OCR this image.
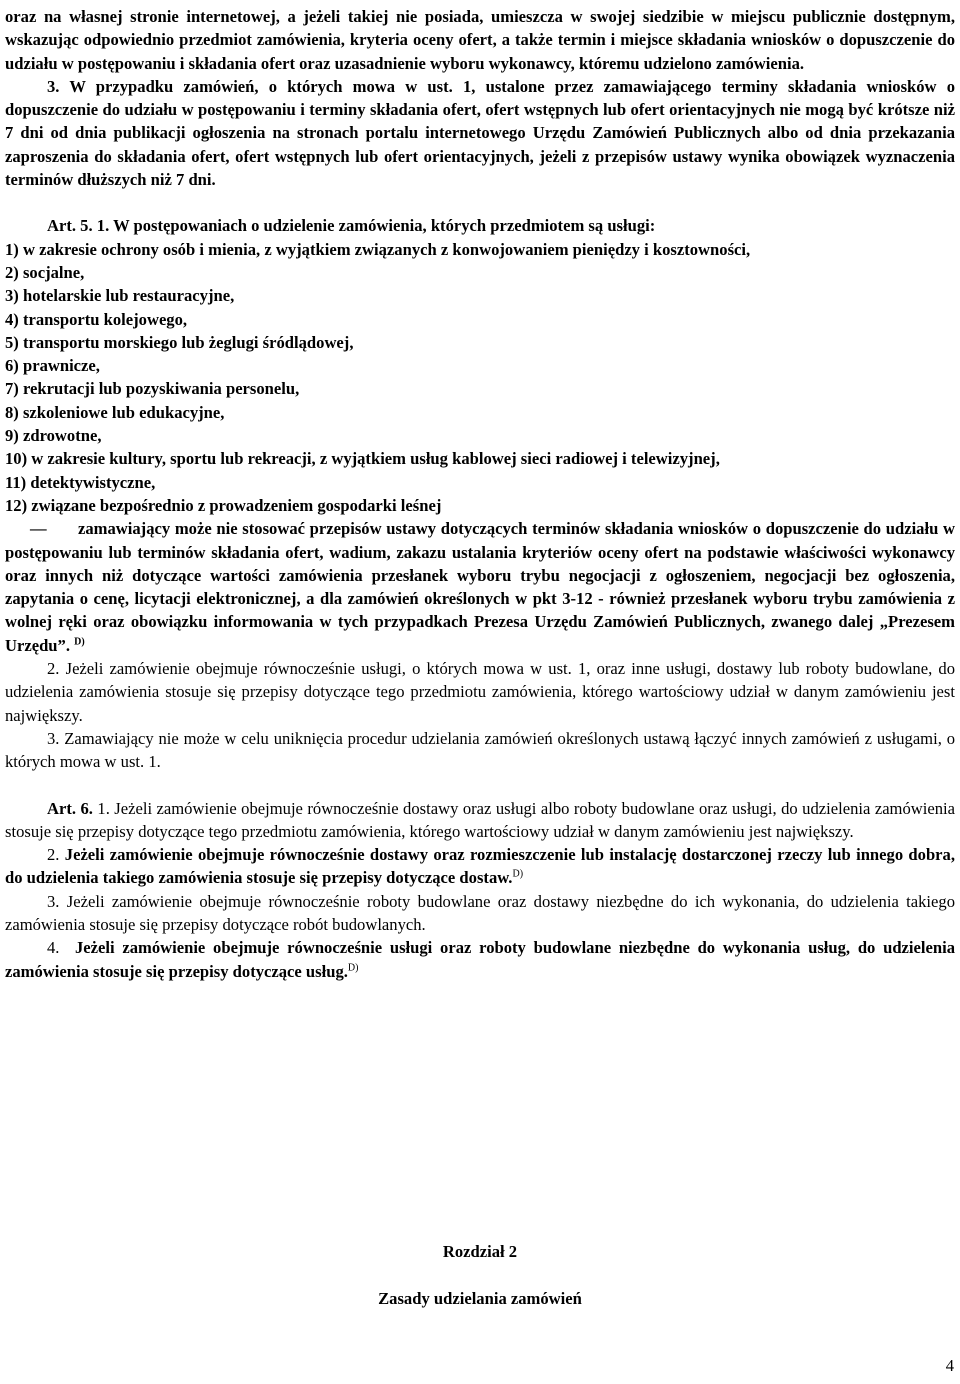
oraz na własnej stronie internetowej, a jeżeli takiej nie posiada, umieszcza w swojej siedzibie w miejscu publicznie dostępnym, wskazując odpowiednio przedmiot zamówienia, kryteria oceny ofert, a także termin i miejsce składania wniosków o dopuszczenie do udziału w postępowaniu i składania ofert oraz uzasadnienie wyboru wykonawcy, któremu udzielono zamówienia.

3. W przypadku zamówień, o których mowa w ust. 1, ustalone przez zamawiającego terminy składania wniosków o dopuszczenie do udziału w postępowaniu i terminy składania ofert, ofert wstępnych lub ofert orientacyjnych nie mogą być krótsze niż 7 dni od dnia publikacji ogłoszenia na stronach portalu internetowego Urzędu Zamówień Publicznych albo od dnia przekazania zaproszenia do składania ofert, ofert wstępnych lub ofert orientacyjnych, jeżeli z przepisów ustawy wynika obowiązek wyznaczenia terminów dłuższych niż 7 dni.

Art. 5. 1. W postępowaniach o udzielenie zamówienia, których przedmiotem są usługi:

1) w zakresie ochrony osób i mienia, z wyjątkiem związanych z konwojowaniem pieniędzy i kosztowności,
2) socjalne,
3) hotelarskie lub restauracyjne,
4) transportu kolejowego,
5) transportu morskiego lub żeglugi śródlądowej,
6) prawnicze,
7) rekrutacji lub pozyskiwania personelu,
8) szkoleniowe lub edukacyjne,
9) zdrowotne,
10) w zakresie kultury, sportu lub rekreacji, z wyjątkiem usług kablowej sieci radiowej i telewizyjnej,
11) detektywistyczne,
12) związane bezpośrednio z prowadzeniem gospodarki leśnej

— zamawiający może nie stosować przepisów ustawy dotyczących terminów składania wniosków o dopuszczenie do udziału w postępowaniu lub terminów składania ofert, wadium, zakazu ustalania kryteriów oceny ofert na podstawie właściwości wykonawcy oraz innych niż dotyczące wartości zamówienia przesłanek wyboru trybu negocjacji z ogłoszeniem, negocjacji bez ogłoszenia, zapytania o cenę, licytacji elektronicznej, a dla zamówień określonych w pkt 3-12 - również przesłanek wyboru trybu zamówienia z wolnej ręki oraz obowiązku informowania w tych przypadkach Prezesa Urzędu Zamówień Publicznych, zwanego dalej „Prezesem Urzędu”. $^{D)}$

2. Jeżeli zamówienie obejmuje równocześnie usługi, o których mowa w ust. 1, oraz inne usługi, dostawy lub roboty budowlane, do udzielenia zamówienia stosuje się przepisy dotyczące tego przedmiotu zamówienia, którego wartościowy udział w danym zamówieniu jest największy.

3. Zamawiający nie może w celu uniknięcia procedur udzielania zamówień określonych ustawą łączyć innych zamówień z usługami, o których mowa w ust. 1.

Art. 6. 1. Jeżeli zamówienie obejmuje równocześnie dostawy oraz usługi albo roboty budowlane oraz usługi, do udzielenia zamówienia stosuje się przepisy dotyczące tego przedmiotu zamówienia, którego wartościowy udział w danym zamówieniu jest największy.

2. Jeżeli zamówienie obejmuje równocześnie dostawy oraz rozmieszczenie lub instalację dostarczonej rzeczy lub innego dobra, do udzielenia takiego zamówienia stosuje się przepisy dotyczące dostaw.$^{D)}$

3. Jeżeli zamówienie obejmuje równocześnie roboty budowlane oraz dostawy niezbędne do ich wykonania, do udzielenia takiego zamówienia stosuje się przepisy dotyczące robót budowlanych.

4. Jeżeli zamówienie obejmuje równocześnie usługi oraz roboty budowlane niezbędne do wykonania usług, do udzielenia zamówienia stosuje się przepisy dotyczące usług.$^{D)}$

Rozdział 2
Zasady udzielania zamówień
4
